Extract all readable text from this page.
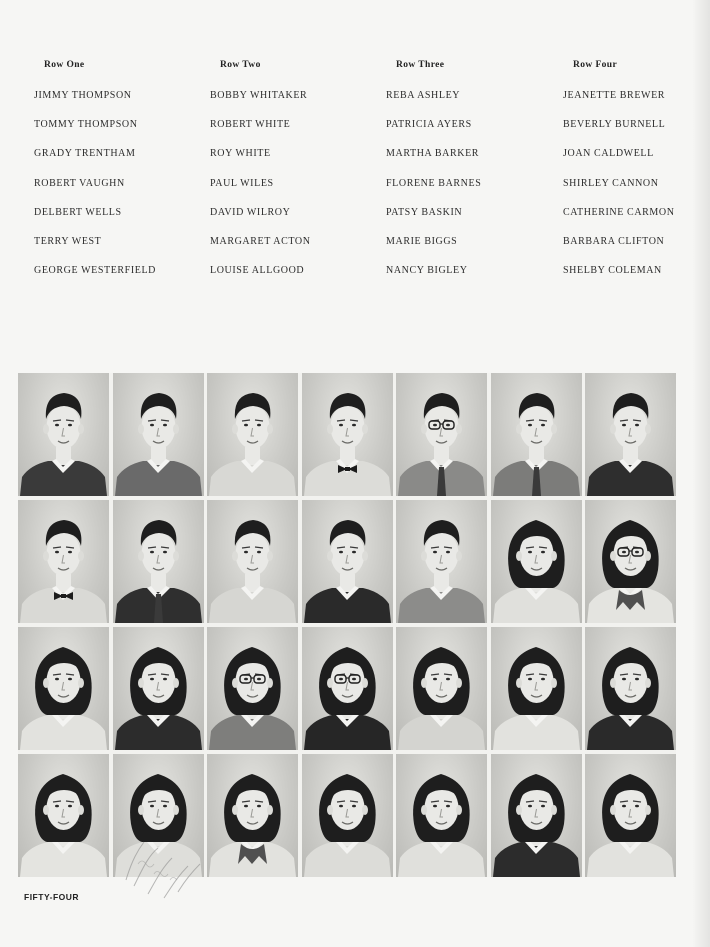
Row One
JIMMY THOMPSON
TOMMY THOMPSON
GRADY TRENTHAM
ROBERT VAUGHN
DELBERT WELLS
TERRY WEST
GEORGE WESTERFIELD
Row Two
BOBBY WHITAKER
ROBERT WHITE
ROY WHITE
PAUL WILES
DAVID WILROY
MARGARET ACTON
LOUISE ALLGOOD
Row Three
REBA ASHLEY
PATRICIA AYERS
MARTHA BARKER
FLORENE BARNES
PATSY BASKIN
MARIE BIGGS
NANCY BIGLEY
Row Four
JEANETTE BREWER
BEVERLY BURNELL
JOAN CALDWELL
SHIRLEY CANNON
CATHERINE CARMON
BARBARA CLIFTON
SHELBY COLEMAN
FIFTY-FOUR
